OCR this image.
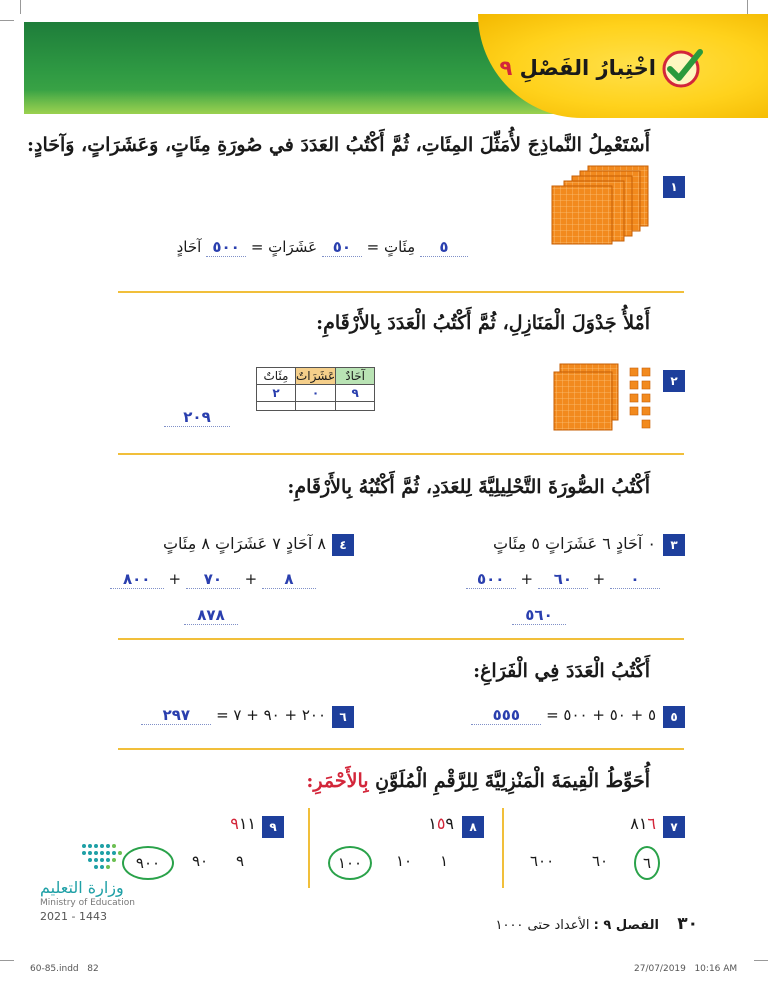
اخْتِبارُ الفَصْلِ ٩
أَسْتَعْمِلُ النَّماذِجَ لأُمَثِّلَ المِئَاتِ، ثُمَّ أَكْتُبُ العَدَدَ في صُورَةِ مِئَاتٍ، وَعَشَرَاتٍ، وَآحَادٍ:
١
٥ مِئَاتٍ = ٥٠ عَشَرَاتٍ = ٥٠٠ آحَادٍ
أَمْلأُ جَدْوَلَ الْمَنَازِلِ، ثُمَّ أَكْتُبُ الْعَدَدَ بِالأَرْقَامِ:
٢
مِئَاتٌ	عَشَرَاتٌ	آحَادٌ
٢	٠	٩

٢٠٩
أَكْتُبُ الصُّورَةَ التَّحْلِيلِيَّةَ لِلعَدَدِ، ثُمَّ أَكْتُبُهُ بِالأَرْقَامِ:
٣
٠ آحَادٍ ٦ عَشَرَاتٍ ٥ مِئَاتٍ
٠ + ٦٠ + ٥٠٠
٥٦٠
٤
٨ آحَادٍ ٧ عَشَرَاتٍ ٨ مِئَاتٍ
٨ + ٧٠ + ٨٠٠
٨٧٨
أَكْتُبُ الْعَدَدَ فِي الْفَرَاغِ:
٥
٥ + ٥٠ + ٥٠٠ = ٥٥٥
٦
٢٠٠ + ٩٠ + ٧ = ٢٩٧
أُحَوِّطُ الْقِيمَةَ الْمَنْزِلِيَّةَ لِلرَّقْمِ الْمُلَوَّنِ بِالأَحْمَرِ:
٧
٨١٦
٦
٦٠
٦٠٠
٨
١٥٩
١
١٠
١٠٠
٩
٩١١
٩
٩٠
٩٠٠
وزارة التعليم
Ministry of Education
2021 - 1443	٣٠  الفصل ٩ : الأعداد حتى ١٠٠٠
60-85.indd   82	27/07/2019   10:16 AM
